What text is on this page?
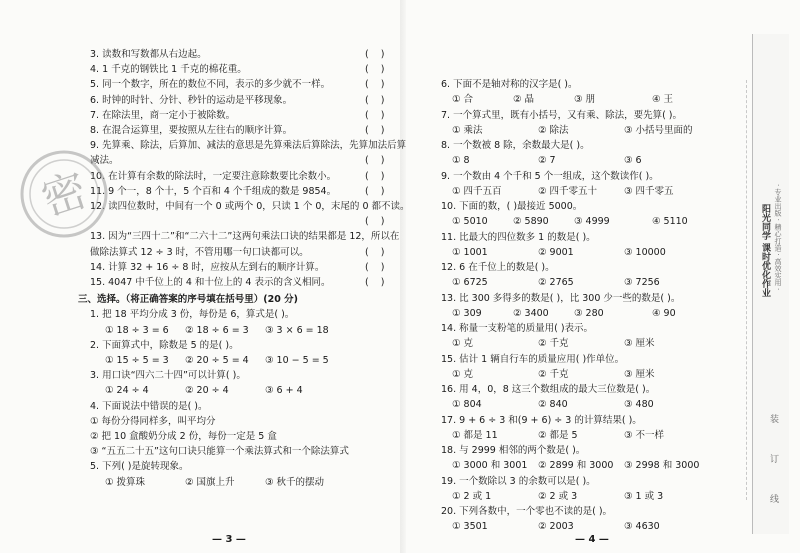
3. 读数和写数都从右边起。	(    )
4. 1 千克的钢铁比 1 千克的棉花重。	(    )
5. 同一个数字，所在的数位不同，表示的多少就不一样。	(    )
6. 时钟的时针、分针、秒针的运动是平移现象。	(    )
7. 在除法里，商一定小于被除数。	(    )
8. 在混合运算里，要按照从左往右的顺序计算。	(    )
9. 先算乘、除法，后算加、减法的意思是先算乘法后算除法，先算加法后算
减法。	(    )
10. 在计算有余数的除法时，一定要注意除数要比余数小。	(    )
11. 9 个一，8 个十，5 个百和 4 个千组成的数是 9854。	(    )
12. 读四位数时，中间有一个 0 或两个 0，只读 1 个 0，末尾的 0 都不读。
(    )
13. 因为“三四十二”和“二六十二”这两句乘法口诀的结果都是 12，所以在
做除法算式 12 ÷ 3 时，不管用哪一句口诀都可以。	(    )
14. 计算 32 + 16 ÷ 8 时，应按从左到右的顺序计算。	(    )
15. 4047 中千位上的 4 和十位上的 4 表示的含义相同。	(    )
三、选择。（将正确答案的序号填在括号里）(20 分)
1. 把 18 平均分成 3 份，每份是 6，算式是( )。
① 18 ÷ 3 = 6 ② 18 ÷ 6 = 3 ③ 3 × 6 = 18
2. 下面算式中，除数是 5 的是( )。
① 15 ÷ 5 = 3 ② 20 ÷ 5 = 4 ③ 10 − 5 = 5
3. 用口诀“四六二十四”可以计算( )。
① 24 ÷ 4	② 20 ÷ 4	③ 6 + 4
4. 下面说法中错误的是( )。
① 每份分得同样多，叫平均分
② 把 10 盒酸奶分成 2 份，每份一定是 5 盒
③ “五五二十五”这句口诀只能算一个乘法算式和一个除法算式
5. 下列( )是旋转现象。
① 拨算珠	② 国旗上升	③ 秋千的摆动
6. 下面不是轴对称的汉字是( )。
① 合	② 晶	③ 朋	④ 王
7. 一个算式里，既有小括号，又有乘、除法，要先算( )。
① 乘法	② 除法	③ 小括号里面的
8. 一个数被 8 除，余数最大是( )。
① 8	② 7	③ 6
9. 一个数由 4 个千和 5 个一组成，这个数读作( )。
① 四千五百	② 四千零五十	③ 四千零五
10. 下面的数，( )最接近 5000。
① 5010	② 5890	③ 4999	④ 5110
11. 比最大的四位数多 1 的数是( )。
① 1001	② 9001	③ 10000
12. 6 在千位上的数是( )。
① 6725	② 2765	③ 7256
13. 比 300 多得多的数是( )，比 300 少一些的数是( )。
① 309	② 3400	③ 280	④ 90
14. 称量一支粉笔的质量用( )表示。
① 克	② 千克	③ 厘米
15. 估计 1 辆自行车的质量应用( )作单位。
① 克	② 千克	③ 厘米
16. 用 4，0，8 这三个数组成的最大三位数是( )。
① 804	② 840	③ 480
17. 9 + 6 ÷ 3 和(9 + 6) ÷ 3 的计算结果( )。
① 都是 11	② 都是 5	③ 不一样
18. 与 2999 相邻的两个数是( )。
① 3000 和 3001 ② 2899 和 3000 ③ 2998 和 3000
19. 一个数除以 3 的余数可以是( )。
① 2 或 1	② 2 或 3	③ 1 或 3
20. 下列各数中，一个零也不读的是( )。
① 3501	② 2003	③ 4630
密
阳光同学 课时优化作业 · 专业出版 · 精心打造 · 高效实用 ·
装
订
线
— 3 —	— 4 —
